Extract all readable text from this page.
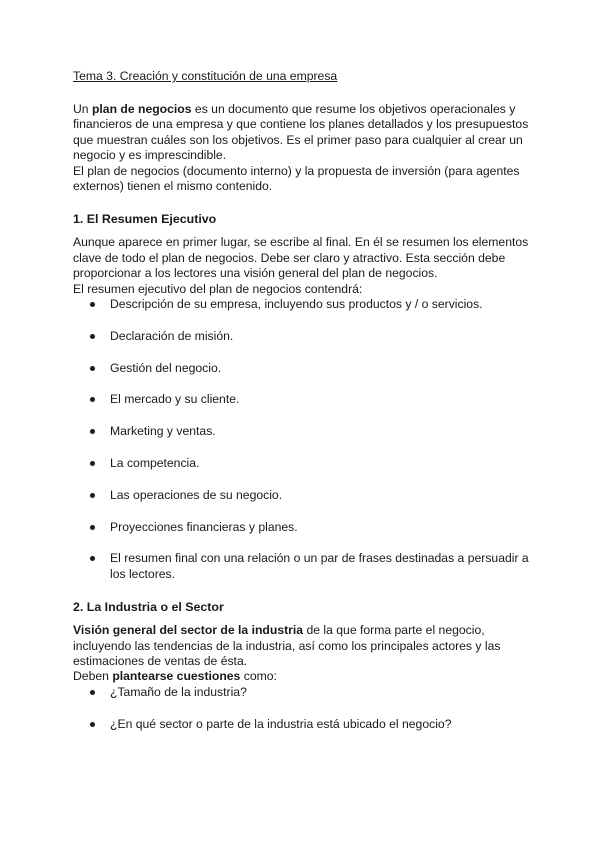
Tema 3. Creación y constitución de una empresa

Un plan de negocios es un documento que resume los objetivos operacionales y financieros de una empresa y que contiene los planes detallados y los presupuestos que muestran cuáles son los objetivos. Es el primer paso para cualquier al crear un negocio y es imprescindible.

El plan de negocios (documento interno) y la propuesta de inversión (para agentes externos) tienen el mismo contenido.

1. El Resumen Ejecutivo

Aunque aparece en primer lugar, se escribe al final. En él se resumen los elementos clave de todo el plan de negocios. Debe ser claro y atractivo. Esta sección debe proporcionar a los lectores una visión general del plan de negocios.

El resumen ejecutivo del plan de negocios contendrá:

Descripción de su empresa, incluyendo sus productos y / o servicios.
Declaración de misión.
Gestión del negocio.
El mercado y su cliente.
Marketing y ventas.
La competencia.
Las operaciones de su negocio.
Proyecciones financieras y planes.
El resumen final con una relación o un par de frases destinadas a persuadir a los lectores.
2. La Industria o el Sector

Visión general del sector de la industria de la que forma parte el negocio, incluyendo las tendencias de la industria, así como los principales actores y las estimaciones de ventas de ésta.

Deben plantearse cuestiones como:

¿Tamaño de la industria?
¿En qué sector o parte de la industria está ubicado el negocio?
